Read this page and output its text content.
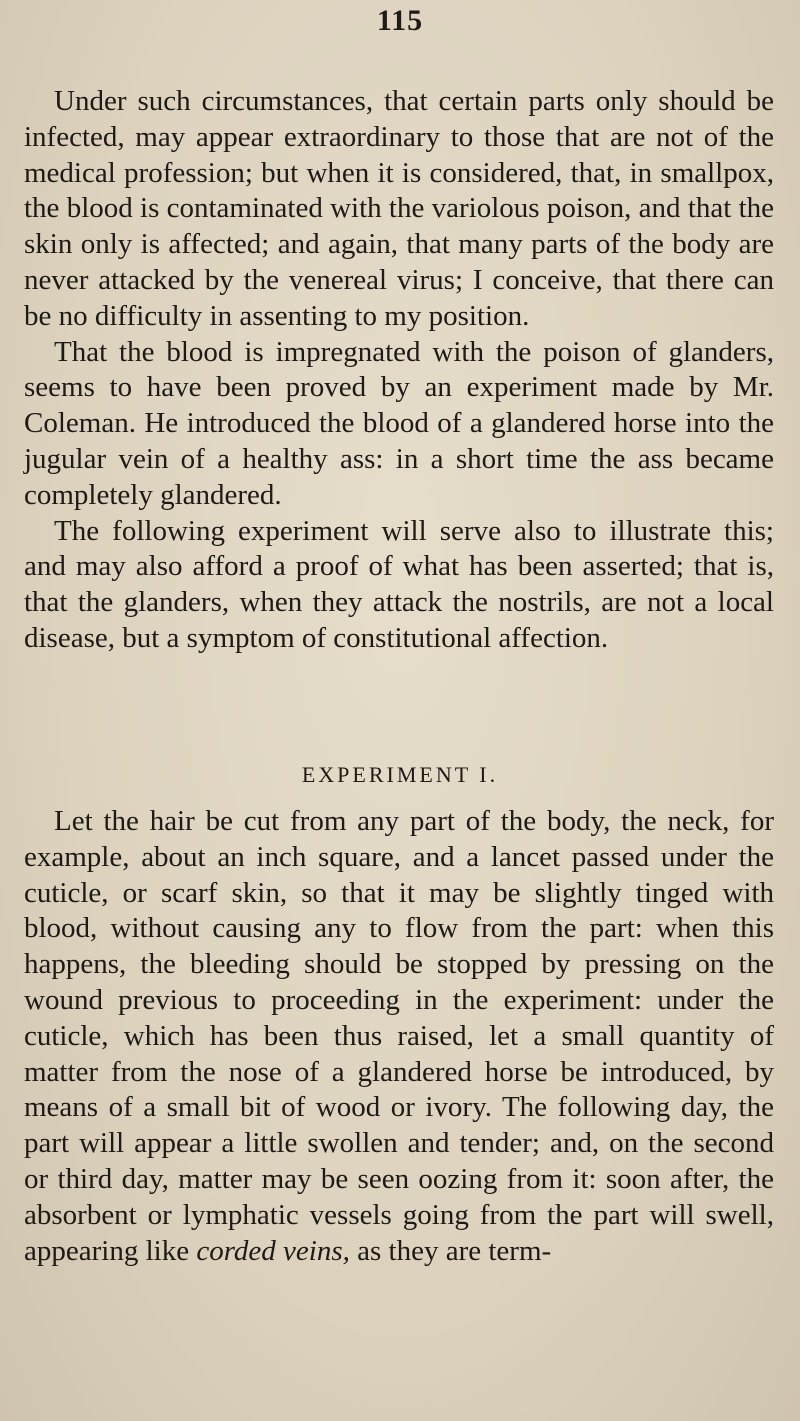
115

Under such circumstances, that certain parts only should be infected, may appear extraordinary to those that are not of the medical profession; but when it is considered, that, in smallpox, the blood is contaminated with the variolous poison, and that the skin only is affected; and again, that many parts of the body are never attacked by the venereal virus; I conceive, that there can be no difficulty in assenting to my position.

That the blood is impregnated with the poison of glanders, seems to have been proved by an experiment made by Mr. Coleman. He introduced the blood of a glandered horse into the jugular vein of a healthy ass: in a short time the ass became completely glandered.

The following experiment will serve also to illustrate this; and may also afford a proof of what has been asserted; that is, that the glanders, when they attack the nostrils, are not a local disease, but a symptom of constitutional affection.

EXPERIMENT I.

Let the hair be cut from any part of the body, the neck, for example, about an inch square, and a lancet passed under the cuticle, or scarf skin, so that it may be slightly tinged with blood, without causing any to flow from the part: when this happens, the bleeding should be stopped by pressing on the wound previous to proceeding in the experiment: under the cuticle, which has been thus raised, let a small quantity of matter from the nose of a glandered horse be introduced, by means of a small bit of wood or ivory. The following day, the part will appear a little swollen and tender; and, on the second or third day, matter may be seen oozing from it: soon after, the absorbent or lymphatic vessels going from the part will swell, appearing like corded veins, as they are term-
